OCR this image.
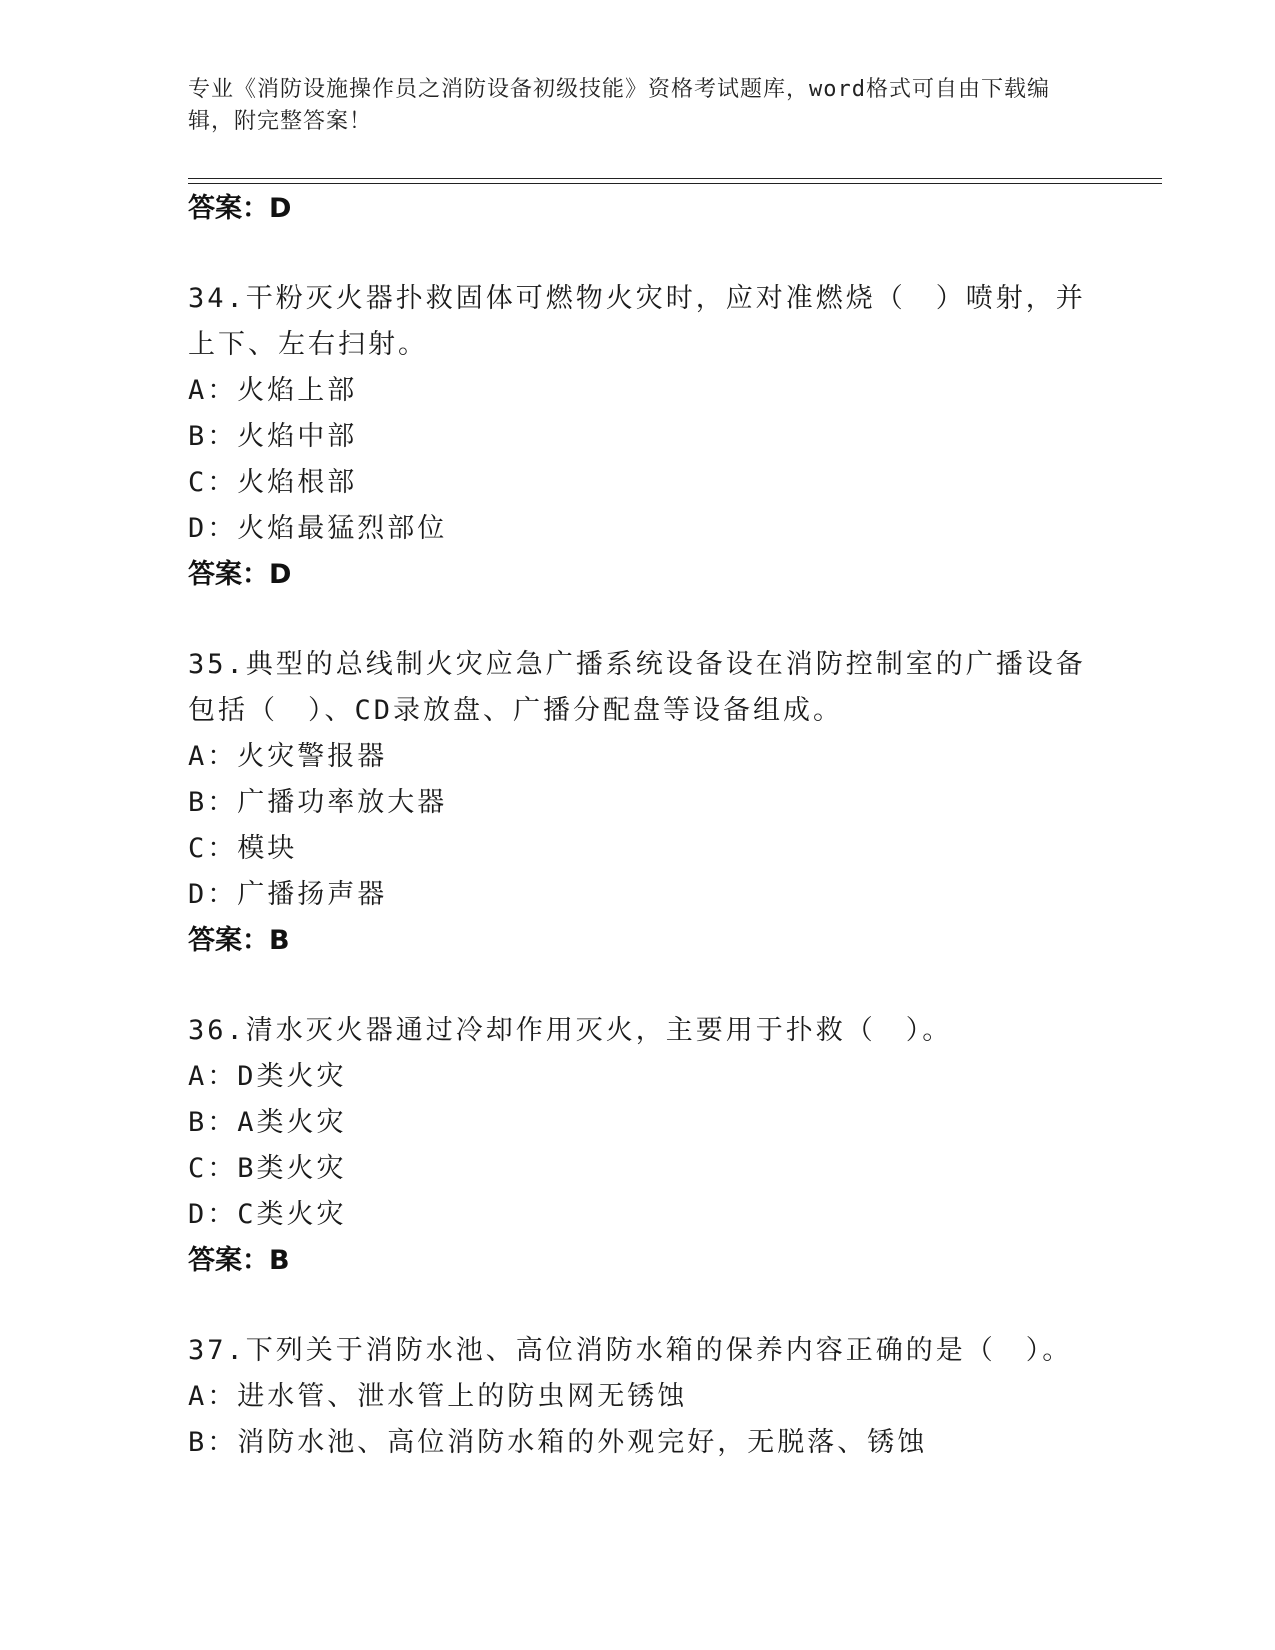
专业《消防设施操作员之消防设备初级技能》资格考试题库，word格式可自由下载编辑，附完整答案！
答案：D
34.干粉灭火器扑救固体可燃物火灾时，应对准燃烧（　）喷射，并上下、左右扫射。
A：火焰上部
B：火焰中部
C：火焰根部
D：火焰最猛烈部位
答案：D
35.典型的总线制火灾应急广播系统设备设在消防控制室的广播设备包括（　）、CD录放盘、广播分配盘等设备组成。
A：火灾警报器
B：广播功率放大器
C：模块
D：广播扬声器
答案：B
36.清水灭火器通过冷却作用灭火，主要用于扑救（　）。
A：D类火灾
B：A类火灾
C：B类火灾
D：C类火灾
答案：B
37.下列关于消防水池、高位消防水箱的保养内容正确的是（　）。
A：进水管、泄水管上的防虫网无锈蚀
B：消防水池、高位消防水箱的外观完好，无脱落、锈蚀
